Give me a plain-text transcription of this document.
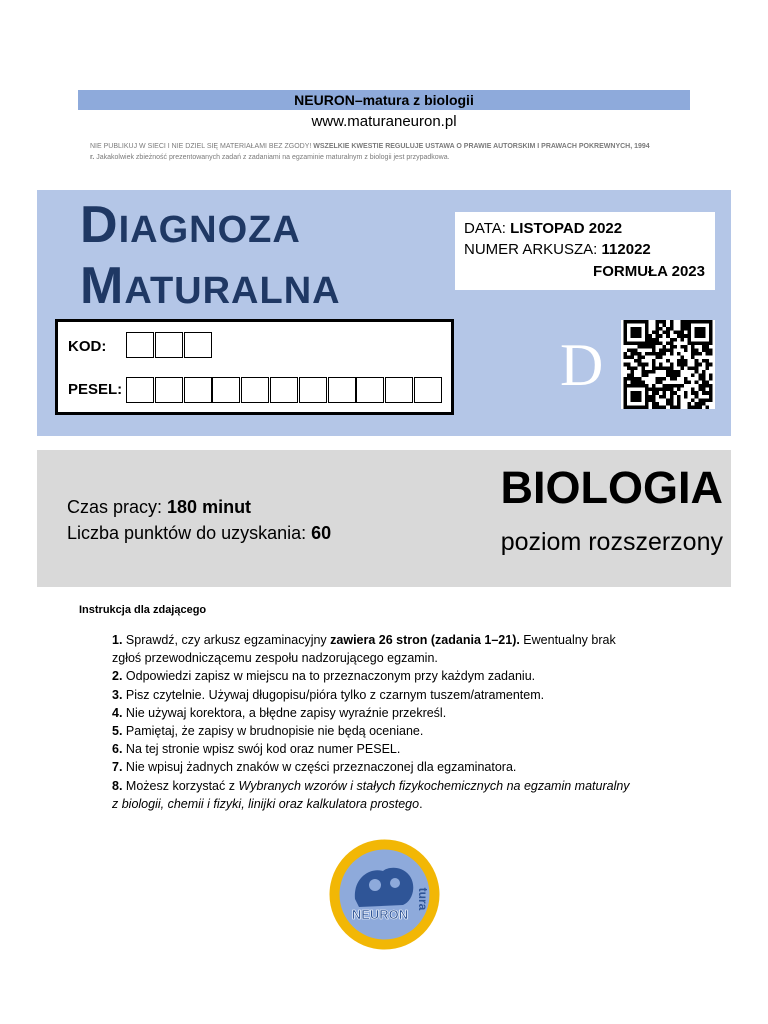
NEURON–matura z biologii
www.maturaneuron.pl
NIE PUBLIKUJ W SIECI I NIE DZIEL SIĘ MATERIAŁAMI BEZ ZGODY! WSZELKIE KWESTIE REGULUJE USTAWA O PRAWIE AUTORSKIM I PRAWACH POKREWNYCH, 1994 r. Jakakolwiek zbieżność prezentowanych zadań z zadaniami na egzaminie maturalnym z biologii jest przypadkowa.
DIAGNOZA
MATURALNA
DATA: LISTOPAD 2022
NUMER ARKUSZA: 112022
FORMUŁA 2023
KOD:
PESEL:	D
BIOLOGIA
poziom rozszerzony
Czas pracy: 180 minut
Liczba punktów do uzyskania: 60
Instrukcja dla zdającego
1. Sprawdź, czy arkusz egzaminacyjny zawiera 26 stron (zadania 1–21). Ewentualny brak
zgłoś przewodniczącemu zespołu nadzorującego egzamin.
2. Odpowiedzi zapisz w miejscu na to przeznaczonym przy każdym zadaniu.
3. Pisz czytelnie. Używaj długopisu/pióra tylko z czarnym tuszem/atramentem.
4. Nie używaj korektora, a błędne zapisy wyraźnie przekreśl.
5. Pamiętaj, że zapisy w brudnopisie nie będą oceniane.
6. Na tej stronie wpisz swój kod oraz numer PESEL.
7. Nie wpisuj żadnych znaków w części przeznaczonej dla egzaminatora.
8. Możesz korzystać z Wybranych wzorów i stałych fizykochemicznych na egzamin maturalny
z biologii, chemii i fizyki, linijki oraz kalkulatora prostego.
NEURON
tura
